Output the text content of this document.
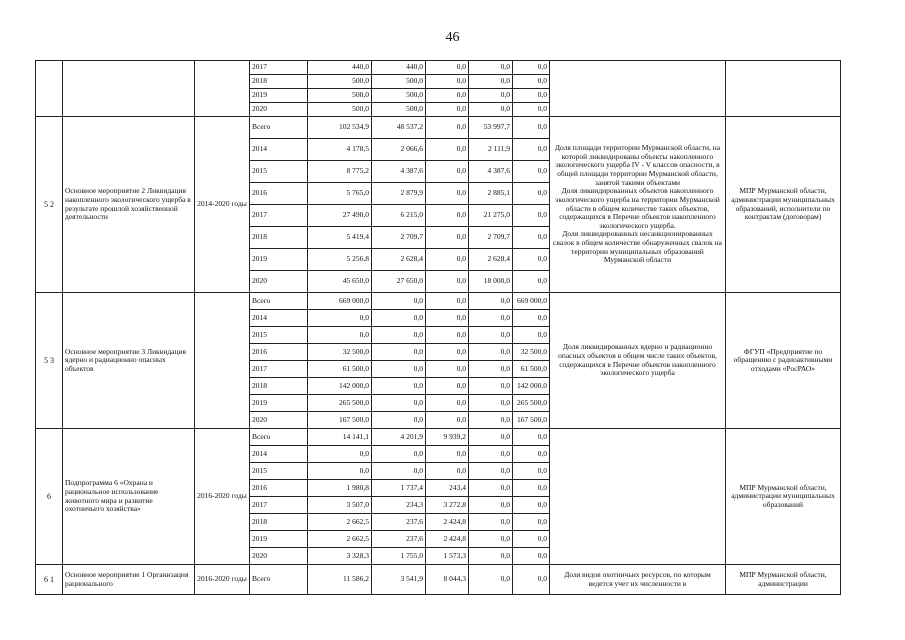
46
			2017	440,0	440,0	0,0	0,0	0,0		
			2018	500,0	500,0	0,0	0,0	0,0		
			2019	500,0	500,0	0,0	0,0	0,0		
			2020	500,0	500,0	0,0	0,0	0,0		
5 2	Основное мероприятие 2 Ликвидация накопленного экологического ущерба в результате прошлой хозяйственной деятельности	2014-2020 годы	Всего	102 534,9	48 537,2	0,0	53 997,7	0,0	Доля площади территории Мурманской области, на которой ликвидированы объекты накопленного экологического ущерба IV - V классов опасности, в общей площади территории Мурманской области, занятой такими объектами
Доля ликвидированных объектов накопленного экологического ущерба на территории Мурманской области в общем количестве таких объектов, содержащихся в Перечне объектов накопленного экологического ущерба.
Доля ликвидированных несанкционированных свалок в общем количестве обнаруженных свалок на территории муниципальных образований Мурманской области	МПР Мурманской области, администрации муниципальных образований, исполнители по контрактам (договорам)
			2014	4 178,5	2 066,6	0,0	2 111,9	0,0		
			2015	8 775,2	4 387,6	0,0	4 387,6	0,0		
			2016	5 765,0	2 879,9	0,0	2 885,1	0,0		
			2017	27 490,0	6 215,0	0,0	21 275,0	0,0		
			2018	5 419,4	2 709,7	0,0	2 709,7	0,0		
			2019	5 256,8	2 628,4	0,0	2 628,4	0,0		
			2020	45 650,0	27 650,0	0,0	18 000,0	0,0		
5 3	Основное мероприятие 3 Ликвидация ядерно и радиационно опасных объектов		Всего	669 000,0	0,0	0,0	0,0	669 000,0	Доля ликвидированных ядерно и радиационно опасных объектов в общем числе таких объектов, содержащихся в Перечне объектов накопленного экологического ущерба	ФГУП «Предприятие по обращению с радиоактивными отходами «РосРАО»
			2014	0,0	0,0	0,0	0,0	0,0		
			2015	0,0	0,0	0,0	0,0	0,0		
			2016	32 500,0	0,0	0,0	0,0	32 500,0		
			2017	61 500,0	0,0	0,0	0,0	61 500,0		
			2018	142 000,0	0,0	0,0	0,0	142 000,0		
			2019	265 500,0	0,0	0,0	0,0	265 500,0		
			2020	167 500,0	0,0	0,0	0,0	167 500,0		
6	Подпрограмма 6 «Охрана и рациональное использование животного мира и развитие охотничьего хозяйства»	2016-2020 годы	Всего	14 141,1	4 201,9	9 939,2	0,0	0,0		МПР Мурманской области, администрации муниципальных образований
			2014	0,0	0,0	0,0	0,0	0,0		
			2015	0,0	0,0	0,0	0,0	0,0		
			2016	1 980,8	1 737,4	243,4	0,0	0,0		
			2017	3 507,0	234,3	3 272,8	0,0	0,0		
			2018	2 662,5	237,6	2 424,8	0,0	0,0		
			2019	2 662,5	237,6	2 424,8	0,0	0,0		
			2020	3 328,3	1 755,0	1 573,3	0,0	0,0		
6 1	Основное мероприятие 1 Организация рационального	2016-2020 годы	Всего	11 586,2	3 541,9	8 044,3	0,0	0,0	Доля видов охотничьих ресурсов, по которым ведется учет их численности в	МПР Мурманской области, администрации
